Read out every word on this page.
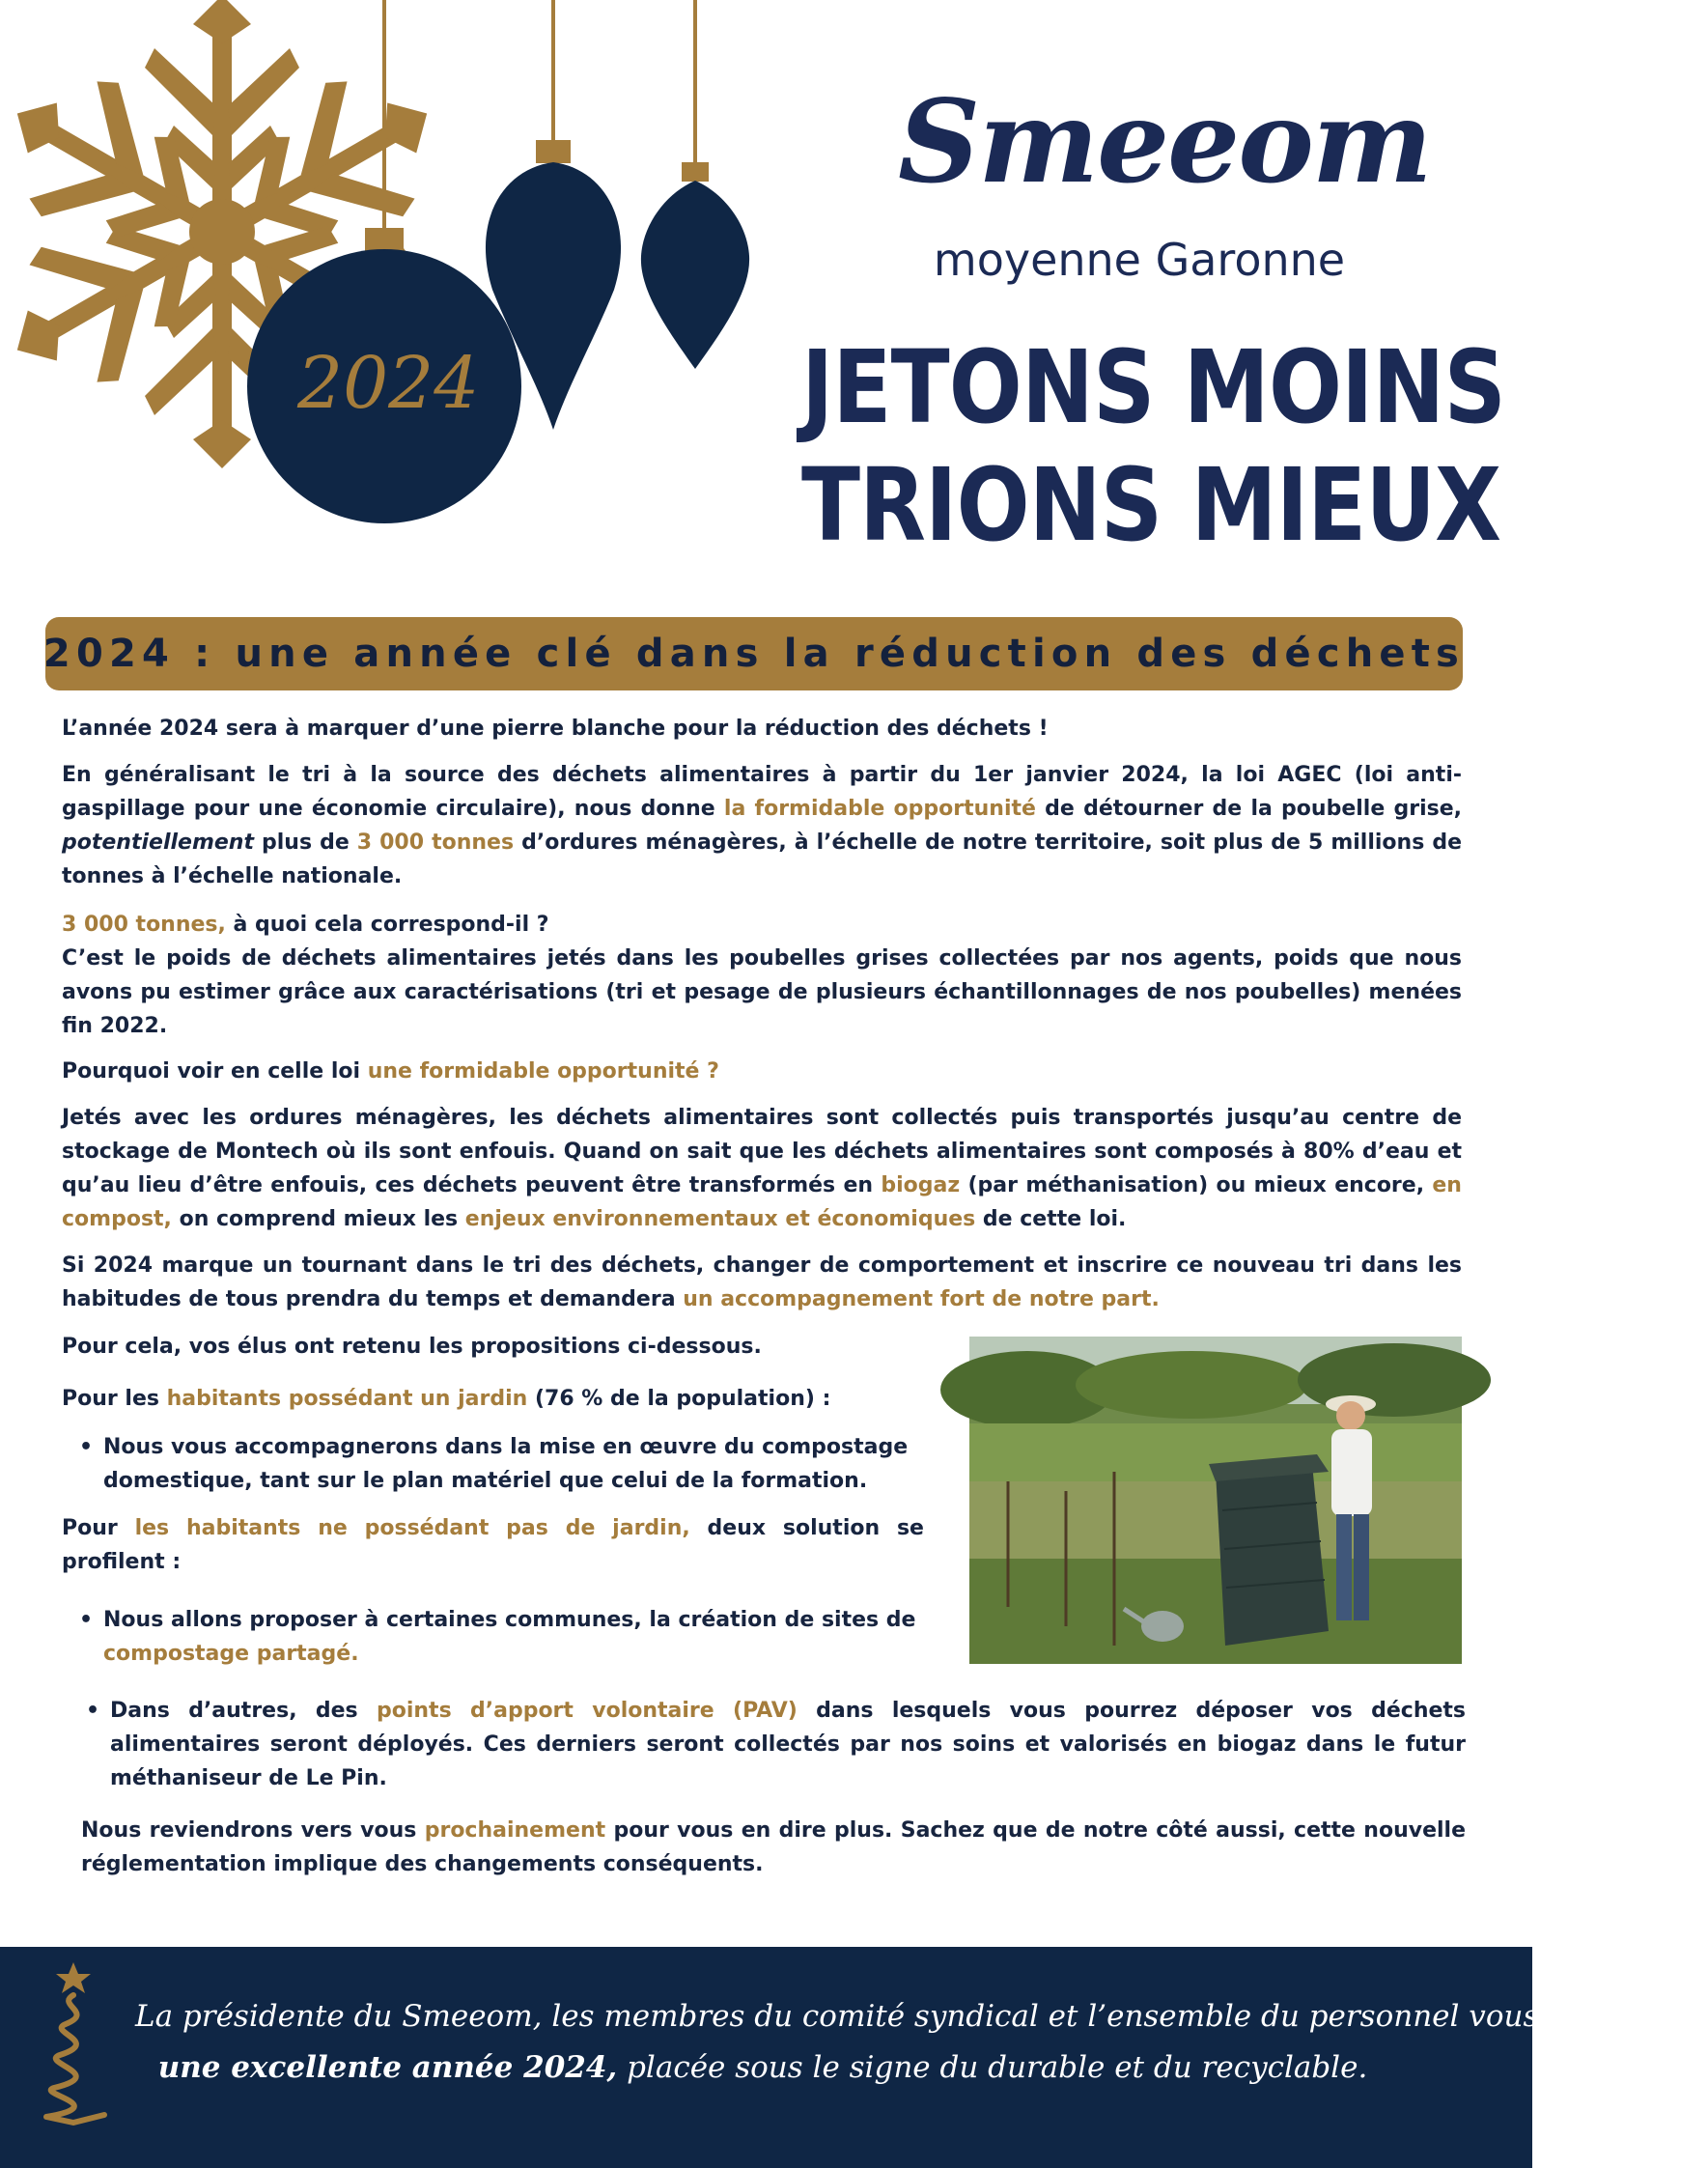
2024
Smeeom
moyenne Garonne
JETONS MOINS
TRIONS MIEUX
2024 : une année clé dans la réduction des déchets
L’année 2024 sera à marquer d’une pierre blanche pour la réduction des déchets !
En généralisant le tri à la source des déchets alimentaires à partir du 1er janvier 2024, la loi AGEC (loi anti-gaspillage pour une économie circulaire), nous donne la formidable opportunité de détourner de la poubelle grise, potentiellement plus de 3 000 tonnes d’ordures ménagères, à l’échelle de notre territoire, soit plus de 5 millions de tonnes à l’échelle nationale.
3 000 tonnes, à quoi cela correspond-il ?
C’est le poids de déchets alimentaires jetés dans les poubelles grises collectées par nos agents, poids que nous avons pu estimer grâce aux caractérisations (tri et pesage de plusieurs échantillonnages de nos poubelles) menées fin 2022.
Pourquoi voir en celle loi une formidable opportunité ?
Jetés avec les ordures ménagères, les déchets alimentaires sont collectés puis transportés jusqu’au centre de stockage de Montech où ils sont enfouis. Quand on sait que les déchets alimentaires sont composés à 80% d’eau et qu’au lieu d’être enfouis, ces déchets peuvent être transformés en biogaz (par méthanisation) ou mieux encore, en compost, on comprend mieux les enjeux environnementaux et économiques de cette loi.
Si 2024 marque un tournant dans le tri des déchets, changer de comportement et inscrire ce nouveau tri dans les habitudes de tous prendra du temps et demandera un accompagnement fort de notre part.
Pour cela, vos élus ont retenu les propositions ci-dessous.
Pour les habitants possédant un jardin (76 % de la population) :
• Nous vous accompagnerons dans la mise en œuvre du compostage domestique, tant sur le plan matériel que celui de la formation.
Pour les habitants ne possédant pas de jardin, deux solution se profilent :
• Nous allons proposer à certaines communes, la création de sites de compostage partagé.
• Dans d’autres, des points d’apport volontaire (PAV) dans lesquels vous pourrez déposer vos déchets alimentaires seront déployés. Ces derniers seront collectés par nos soins et valorisés en biogaz dans le futur méthaniseur de Le Pin.
Nous reviendrons vers vous prochainement pour vous en dire plus. Sachez que de notre côté aussi, cette nouvelle réglementation implique des changements conséquents.
La présidente du Smeeom, les membres du comité syndical et l’ensemble du personnel vous souhaitent
une excellente année 2024, placée sous le signe du durable et du recyclable.
